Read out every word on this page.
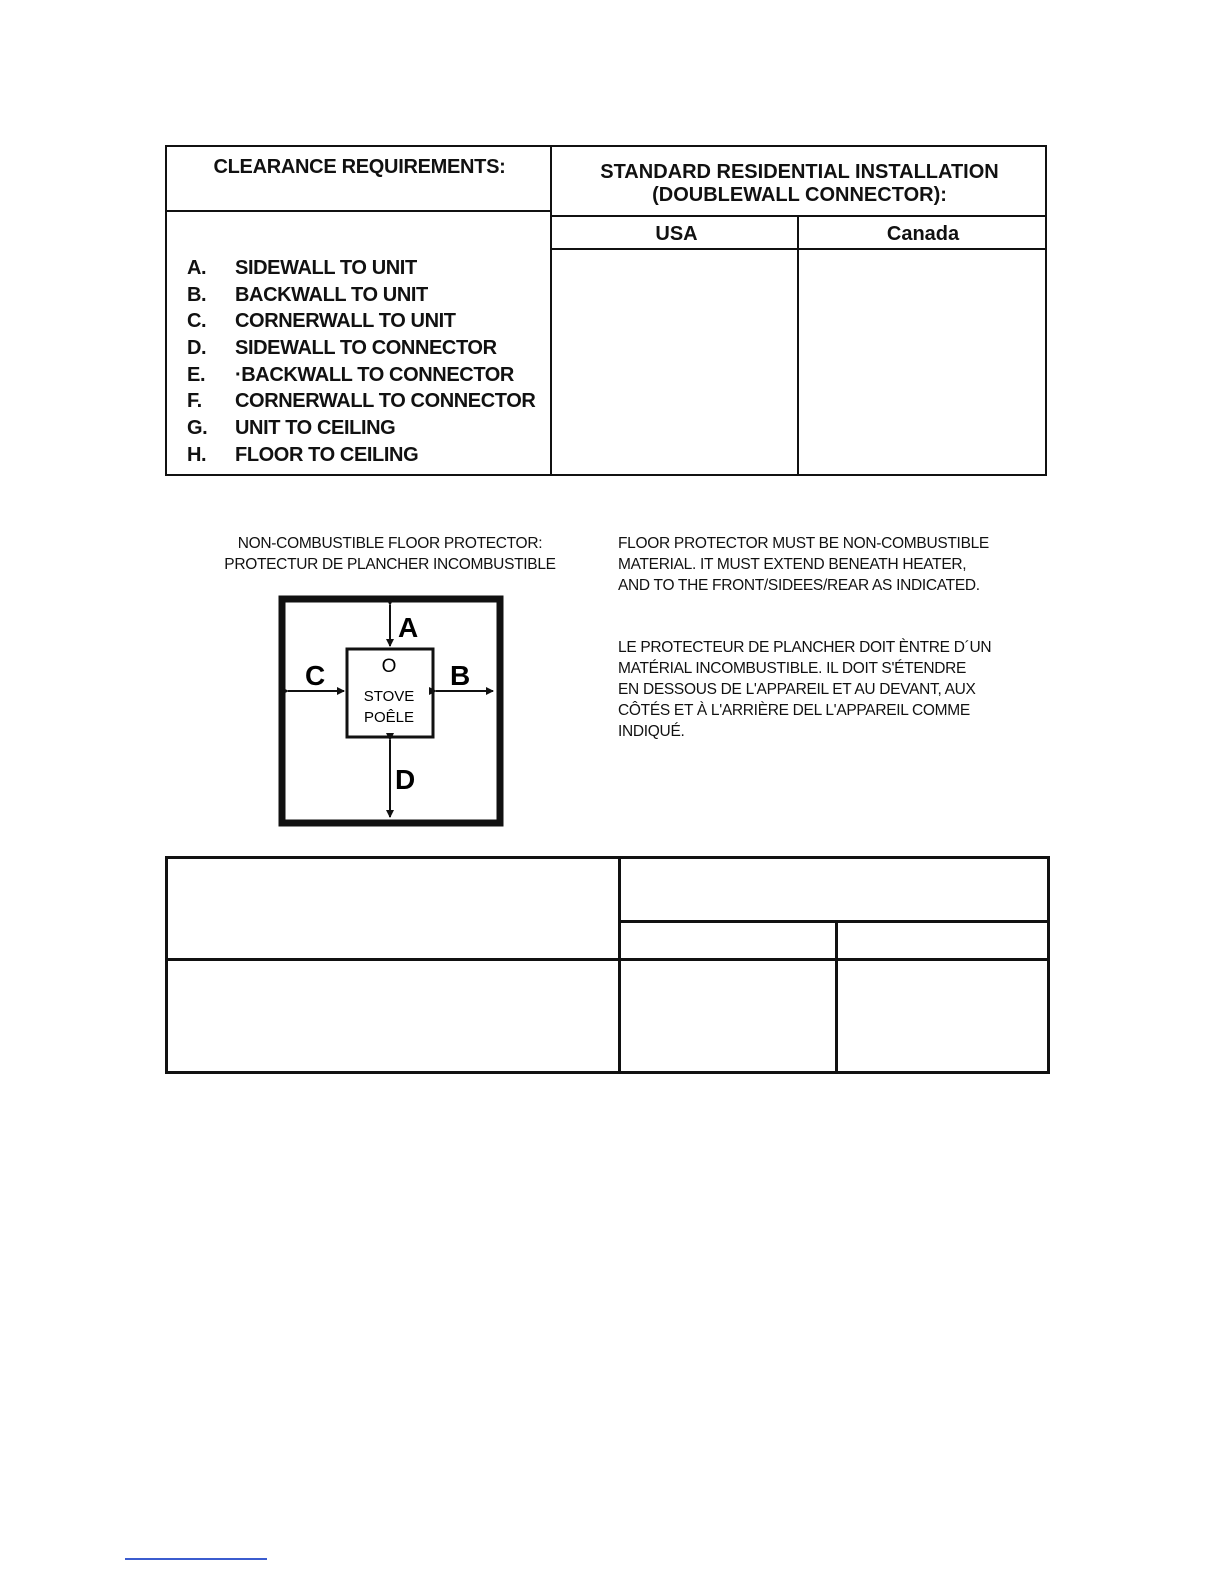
CLEARANCE REQUIREMENTS:	STANDARD RESIDENTIAL INSTALLATION
(DOUBLEWALL CONNECTOR):
USA	Canada
A.	SIDEWALL TO UNIT
B.	BACKWALL TO UNIT
C.	CORNERWALL TO UNIT
D.	SIDEWALL TO CONNECTOR
E.	·BACKWALL TO CONNECTOR
F.	CORNERWALL TO CONNECTOR
G.	UNIT TO CEILING
H.	FLOOR TO CEILING
NON-COMBUSTIBLE FLOOR PROTECTOR:
PROTECTUR DE PLANCHER INCOMBUSTIBLE
A
B
C
D
O
STOVE
POÊLE
FLOOR PROTECTOR MUST BE NON-COMBUSTIBLE
MATERIAL. IT MUST EXTEND BENEATH HEATER,
AND TO THE FRONT/SIDEES/REAR AS INDICATED.
LE PROTECTEUR DE PLANCHER DOIT ÈNTRE D´UN
MATÉRIAL INCOMBUSTIBLE. IL DOIT S'ÉTENDRE
EN DESSOUS DE L'APPAREIL ET AU DEVANT, AUX
CÔTÉS ET À L'ARRIÈRE DEL L'APPAREIL COMME
INDIQUÉ.
